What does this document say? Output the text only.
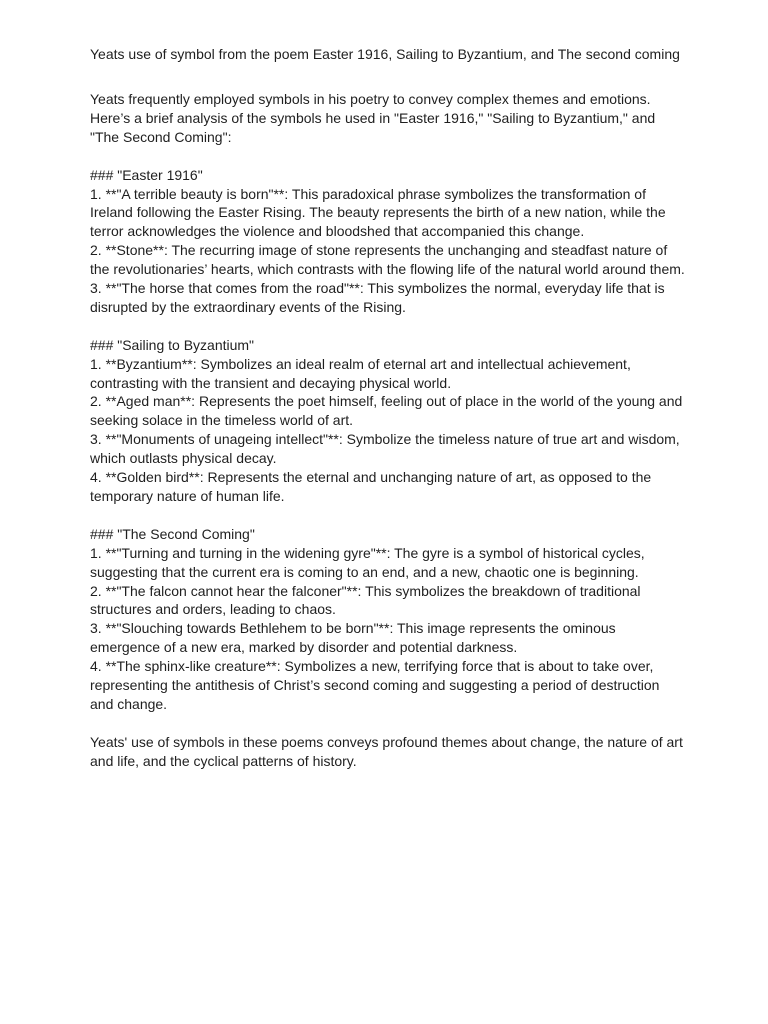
Yeats use of symbol from the poem Easter 1916, Sailing to Byzantium, and The second coming
Yeats frequently employed symbols in his poetry to convey complex themes and emotions.
Here’s a brief analysis of the symbols he used in "Easter 1916," "Sailing to Byzantium," and
"The Second Coming":
### "Easter 1916"
1. **"A terrible beauty is born"**: This paradoxical phrase symbolizes the transformation of
Ireland following the Easter Rising. The beauty represents the birth of a new nation, while the
terror acknowledges the violence and bloodshed that accompanied this change.
2. **Stone**: The recurring image of stone represents the unchanging and steadfast nature of
the revolutionaries’ hearts, which contrasts with the flowing life of the natural world around them.
3. **"The horse that comes from the road"**: This symbolizes the normal, everyday life that is
disrupted by the extraordinary events of the Rising.
### "Sailing to Byzantium"
1. **Byzantium**: Symbolizes an ideal realm of eternal art and intellectual achievement,
contrasting with the transient and decaying physical world.
2. **Aged man**: Represents the poet himself, feeling out of place in the world of the young and
seeking solace in the timeless world of art.
3. **"Monuments of unageing intellect"**: Symbolize the timeless nature of true art and wisdom,
which outlasts physical decay.
4. **Golden bird**: Represents the eternal and unchanging nature of art, as opposed to the
temporary nature of human life.
### "The Second Coming"
1. **"Turning and turning in the widening gyre"**: The gyre is a symbol of historical cycles,
suggesting that the current era is coming to an end, and a new, chaotic one is beginning.
2. **"The falcon cannot hear the falconer"**: This symbolizes the breakdown of traditional
structures and orders, leading to chaos.
3. **"Slouching towards Bethlehem to be born"**: This image represents the ominous
emergence of a new era, marked by disorder and potential darkness.
4. **The sphinx-like creature**: Symbolizes a new, terrifying force that is about to take over,
representing the antithesis of Christ’s second coming and suggesting a period of destruction
and change.
Yeats' use of symbols in these poems conveys profound themes about change, the nature of art
and life, and the cyclical patterns of history.
